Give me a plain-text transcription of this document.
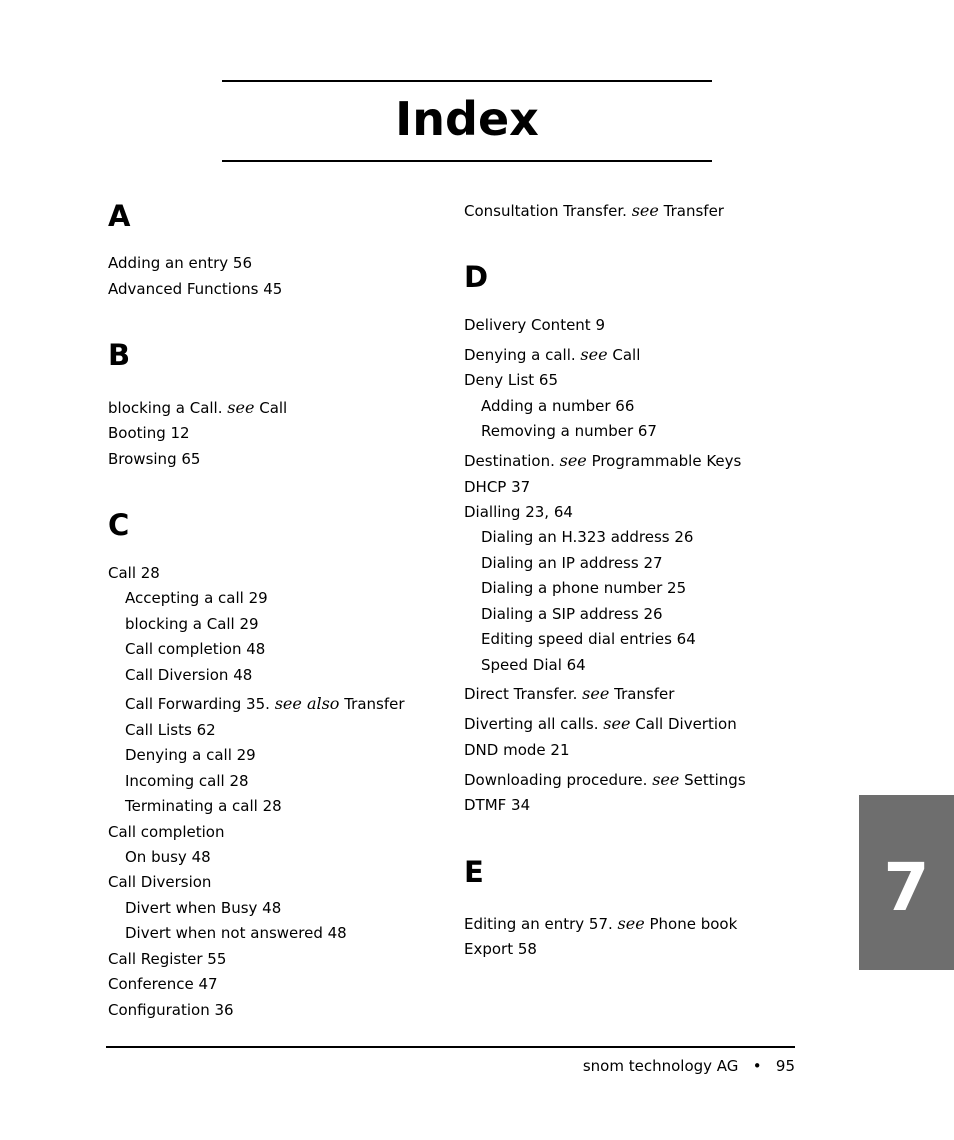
Index
A
Adding an entry 56
Advanced Functions 45
B
blocking a Call. see Call
Booting 12
Browsing 65
C
Call 28
Accepting a call 29
blocking a Call 29
Call completion 48
Call Diversion 48
Call Forwarding 35. see also Transfer
Call Lists 62
Denying a call 29
Incoming call 28
Terminating a call 28
Call completion
On busy 48
Call Diversion
Divert when Busy 48
Divert when not answered 48
Call Register 55
Conference 47
Configuration 36
Consultation Transfer. see Transfer
D
Delivery Content 9
Denying a call. see Call
Deny List 65
Adding a number 66
Removing a number 67
Destination. see Programmable Keys
DHCP 37
Dialling 23, 64
Dialing an H.323 address 26
Dialing an IP address 27
Dialing a phone number 25
Dialing a SIP address 26
Editing speed dial entries 64
Speed Dial 64
Direct Transfer. see Transfer
Diverting all calls. see Call Divertion
DND mode 21
Downloading procedure. see Settings
DTMF 34
E
Editing an entry 57. see Phone book
Export 58
snom technology AG • 95
7
